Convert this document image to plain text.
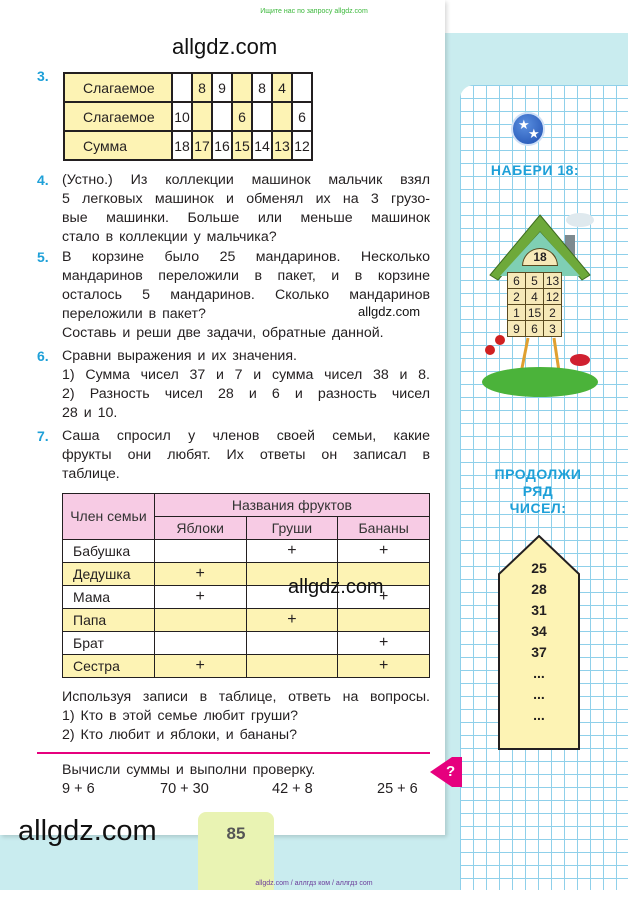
Ищите нас по запросу allgdz.com
allgdz.com
3.
Слагаемое		8	9		8	4	
Слагаемое	10			6			6
Сумма	18	17	16	15	14	13	12
4. (Устно.) Из коллекции машинок мальчик взял
5 легковых машинок и обменял их на 3 грузо-
вые машинки. Больше или меньше машинок
стало в коллекции у мальчика?
5. В корзине было 25 мандаринов. Несколько
мандаринов переложили в пакет, и в корзине
осталось 5 мандаринов. Сколько мандаринов
переложили в пакет?
Составь и реши две задачи, обратные данной.
allgdz.com
6. Сравни выражения и их значения.
1) Сумма чисел 37 и 7 и сумма чисел 38 и 8.
2) Разность чисел 28 и 6 и разность чисел
28 и 10.
7. Саша спросил у членов своей семьи, какие
фрукты они любят. Их ответы он записал в
таблице.
Член семьи	Названия фруктов		
	Яблоки	Груши	Бананы
Бабушка		+	+
Дедушка	+		
Мама	+		+
Папа		+	
Брат			+
Сестра	+		+
allgdz.com
Используя записи в таблице, ответь на вопросы.
1) Кто в этой семье любит груши?
2) Кто любит и яблоки, и бананы?
Вычисли суммы и выполни проверку.
9 + 6	70 + 30	42 + 8	25 + 6
?
allgdz.com	85
★
★
НАБЕРИ 18:
18
6	5	13
2	4	12
1	15	2
9	6	3
ПРОДОЛЖИ
РЯД
ЧИСЕЛ:
25
28
31
34
37
...
...
...
allgdz.com / аллгдз ком / аллгдз com
